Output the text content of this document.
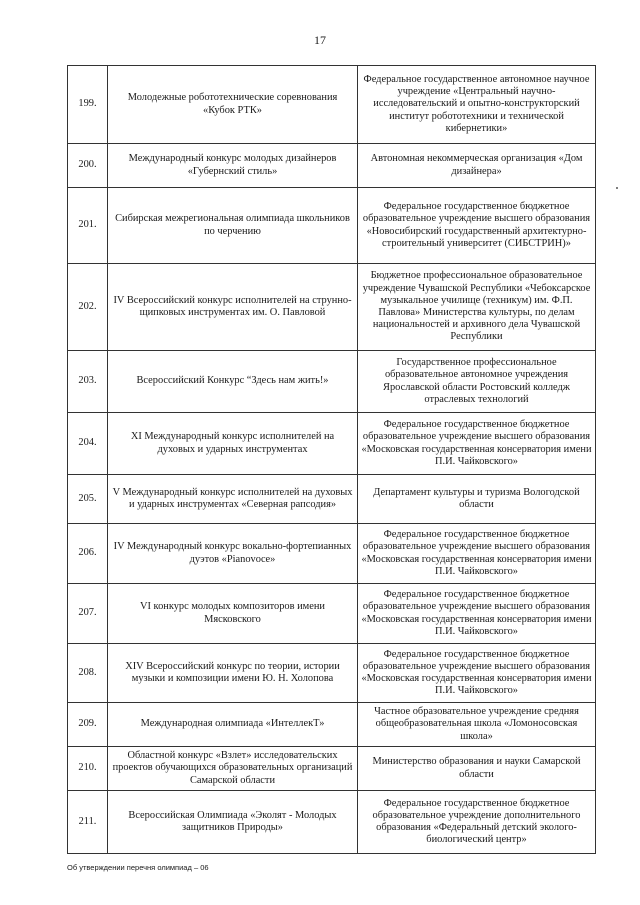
17
199.	Молодежные робототехнические соревнования «Кубок РТК»	Федеральное государственное автономное научное учреждение «Центральный научно-исследовательский и опытно-конструкторский институт робототехники и технической кибернетики»
200.	Международный конкурс молодых дизайнеров «Губернский стиль»	Автономная некоммерческая организация «Дом дизайнера»
201.	Сибирская межрегиональная олимпиада школьников по черчению	Федеральное государственное бюджетное образовательное учреждение высшего образования «Новосибирский государственный архитектурно-строительный университет (СИБСТРИН)»
202.	IV Всероссийский конкурс исполнителей на струнно-щипковых инструментах им. О. Павловой	Бюджетное профессиональное образовательное учреждение Чувашской Республики «Чебоксарское музыкальное училище (техникум) им. Ф.П. Павлова» Министерства культуры, по делам национальностей и архивного дела Чувашской Республики
203.	Всероссийский Конкурс “Здесь нам жить!»	Государственное профессиональное образовательное автономное учреждения Ярославской области Ростовский колледж отраслевых технологий
204.	XI Международный конкурс исполнителей на духовых и ударных инструментах	Федеральное государственное бюджетное образовательное учреждение высшего образования «Московская государственная консерватория имени П.И. Чайковского»
205.	V Международный конкурс исполнителей на духовых и ударных инструментах «Северная рапсодия»	Департамент культуры и туризма Вологодской области
206.	IV Международный конкурс вокально-фортепианных дуэтов «Pianovoce»	Федеральное государственное бюджетное образовательное учреждение высшего образования «Московская государственная консерватория имени П.И. Чайковского»
207.	VI конкурс молодых композиторов имени Мясковского	Федеральное государственное бюджетное образовательное учреждение высшего образования «Московская государственная консерватория имени П.И. Чайковского»
208.	XIV Всероссийский конкурс по теории, истории музыки и композиции имени Ю. Н. Холопова	Федеральное государственное бюджетное образовательное учреждение высшего образования «Московская государственная консерватория имени П.И. Чайковского»
209.	Международная олимпиада «ИнтеллекТ»	Частное образовательное учреждение средняя общеобразовательная школа «Ломоносовская школа»
210.	Областной конкурс «Взлет» исследовательских проектов обучающихся образовательных организаций Самарской области	Министерство образования и науки Самарской области
211.	Всероссийская Олимпиада «Эколят - Молодых защитников Природы»	Федеральное государственное бюджетное образовательное учреждение дополнительного образования «Федеральный детский эколого-биологический центр»
Об утверждении перечня олимпиад – 06
